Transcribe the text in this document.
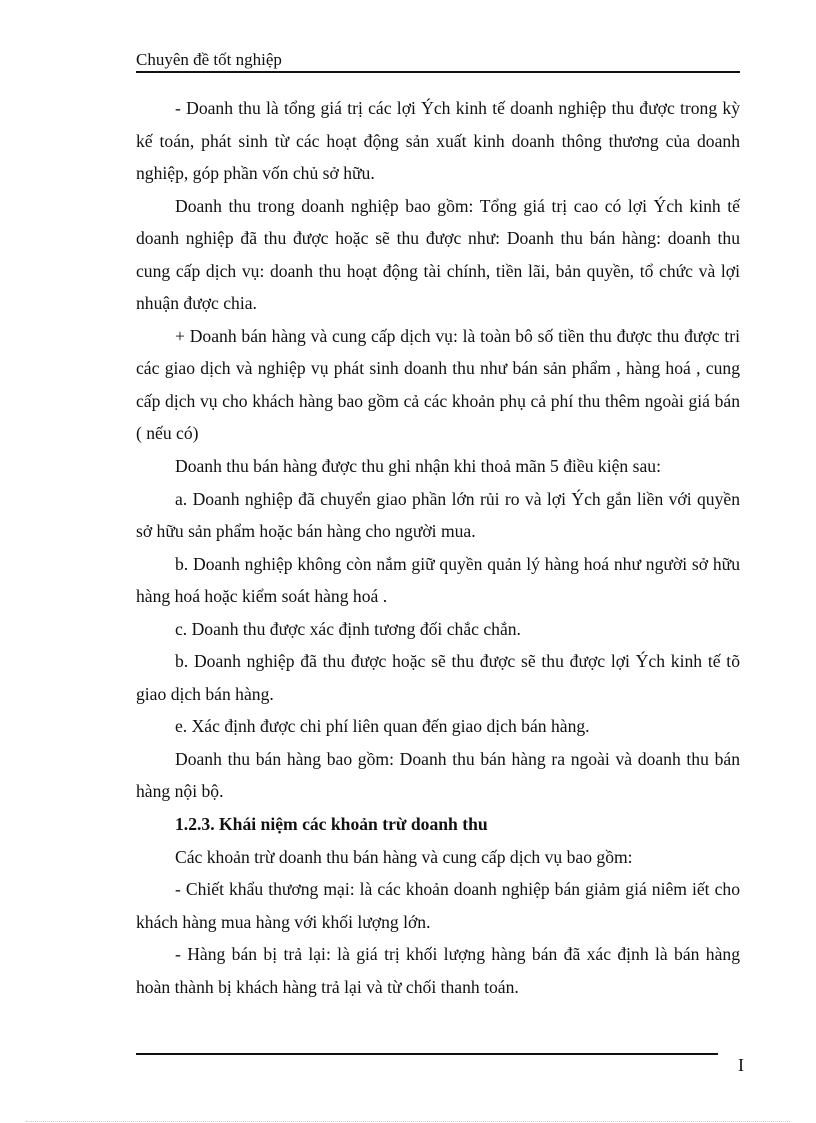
Chuyên đề tốt nghiệp

- Doanh thu là tổng giá trị các lợi Ých kinh tế doanh nghiệp thu được trong kỳ kế toán, phát sinh từ các hoạt động sản xuất kinh doanh thông thương của doanh nghiệp, góp phần vốn chủ sở hữu.

Doanh thu trong doanh nghiệp bao gồm: Tổng giá trị cao có lợi Ých kinh tế doanh nghiệp đã thu được hoặc sẽ thu được như: Doanh thu bán hàng: doanh thu cung cấp dịch vụ: doanh thu hoạt động tài chính, tiền lãi, bản quyền, tổ chức và lợi nhuận được chia.

+ Doanh bán hàng và cung cấp dịch vụ: là toàn bô số tiền thu được thu được tri các giao dịch và nghiệp vụ phát sinh doanh thu như bán sản phẩm , hàng hoá , cung cấp dịch vụ cho khách hàng bao gồm cả các khoản phụ cả phí thu thêm ngoài giá bán ( nếu có)

Doanh thu bán hàng được thu ghi nhận khi thoả mãn 5 điều kiện sau:

a. Doanh nghiệp đã chuyển giao phần lớn rủi ro và lợi Ých gắn liền với quyền sở hữu sản phẩm hoặc bán hàng cho người mua.

b. Doanh nghiệp không còn nắm giữ quyền quản lý hàng hoá như người sở hữu hàng hoá hoặc kiểm soát hàng hoá .

c. Doanh thu được xác định tương đối chắc chắn.

b. Doanh nghiệp đã thu được hoặc sẽ thu được sẽ thu được lợi Ých kinh tế tõ giao dịch bán hàng.

e. Xác định được chi phí liên quan đến giao dịch bán hàng.

Doanh thu bán hàng bao gồm: Doanh thu bán hàng ra ngoài và doanh thu bán hàng nội bộ.

1.2.3. Khái niệm các khoản trừ doanh thu

Các khoản trừ doanh thu bán hàng và cung cấp dịch vụ bao gồm:

- Chiết khẩu thương mại: là các khoản doanh nghiệp bán giảm giá niêm iết cho khách hàng mua hàng với khối lượng lớn.

- Hàng bán bị trả lại: là giá trị khối lượng hàng bán đã xác định là bán hàng hoàn thành bị khách hàng trả lại và từ chối thanh toán.

I
